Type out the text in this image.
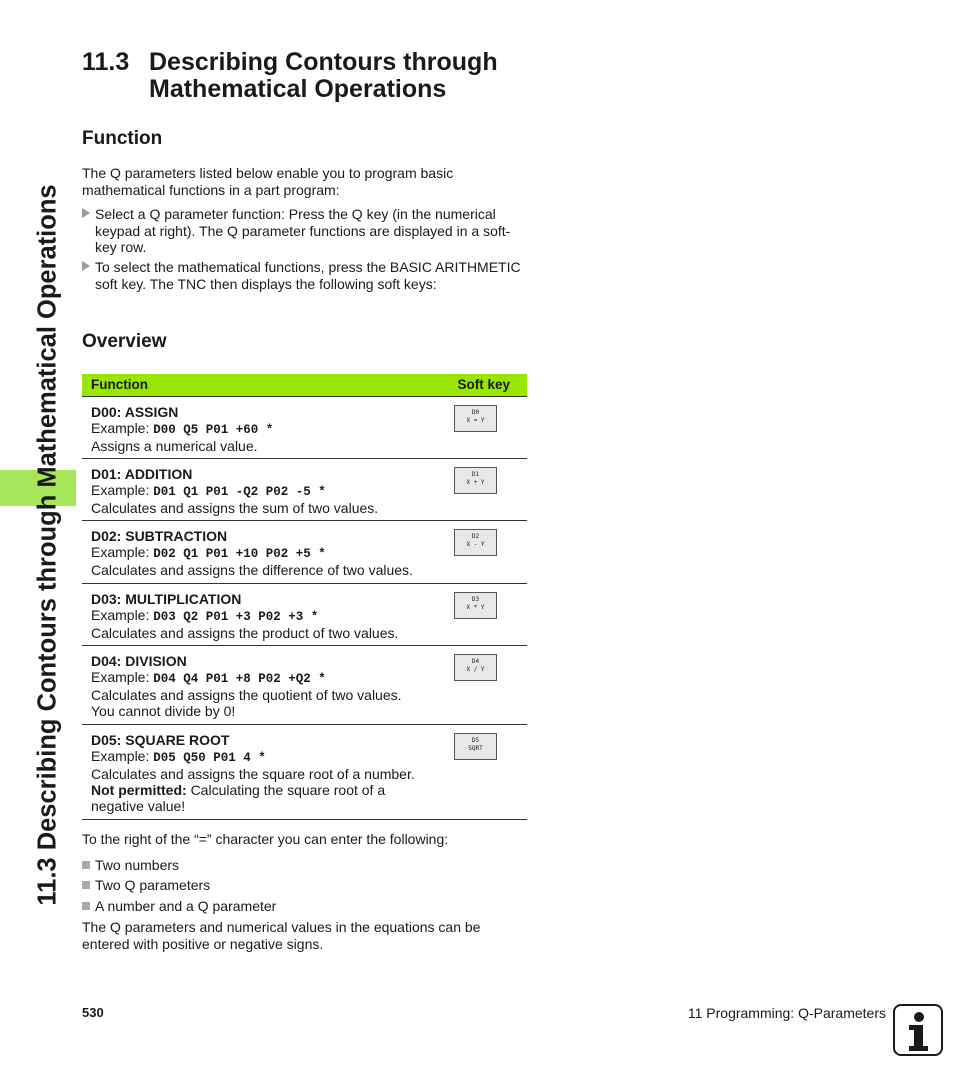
11.3 Describing Contours through Mathematical Operations
11.3 Describing Contours through Mathematical Operations
Function
The Q parameters listed below enable you to program basic mathematical functions in a part program:
Select a Q parameter function: Press the Q key (in the numerical keypad at right). The Q parameter functions are displayed in a soft-key row.
To select the mathematical functions, press the BASIC ARITHMETIC soft key. The TNC then displays the following soft keys:
Overview
Function	Soft key
D00: ASSIGN
Example: D00 Q5 P01 +60 *
Assigns a numerical value.
D0
X = Y
D01: ADDITION
Example: D01 Q1 P01 -Q2 P02 -5 *
Calculates and assigns the sum of two values.
D1
X + Y
D02: SUBTRACTION
Example: D02 Q1 P01 +10 P02 +5 *
Calculates and assigns the difference of two values.
D2
X - Y
D03: MULTIPLICATION
Example: D03 Q2 P01 +3 P02 +3 *
Calculates and assigns the product of two values.
D3
X * Y
D04: DIVISION
Example: D04 Q4 P01 +8 P02 +Q2 *
Calculates and assigns the quotient of two values.
You cannot divide by 0!
D4
X / Y
D05: SQUARE ROOT
Example: D05 Q50 P01 4 *
Calculates and assigns the square root of a number.
Not permitted: Calculating the square root of a negative value!
D5
SQRT
To the right of the “=” character you can enter the following:
Two numbers
Two Q parameters
A number and a Q parameter
The Q parameters and numerical values in the equations can be entered with positive or negative signs.
530	11 Programming: Q-Parameters
